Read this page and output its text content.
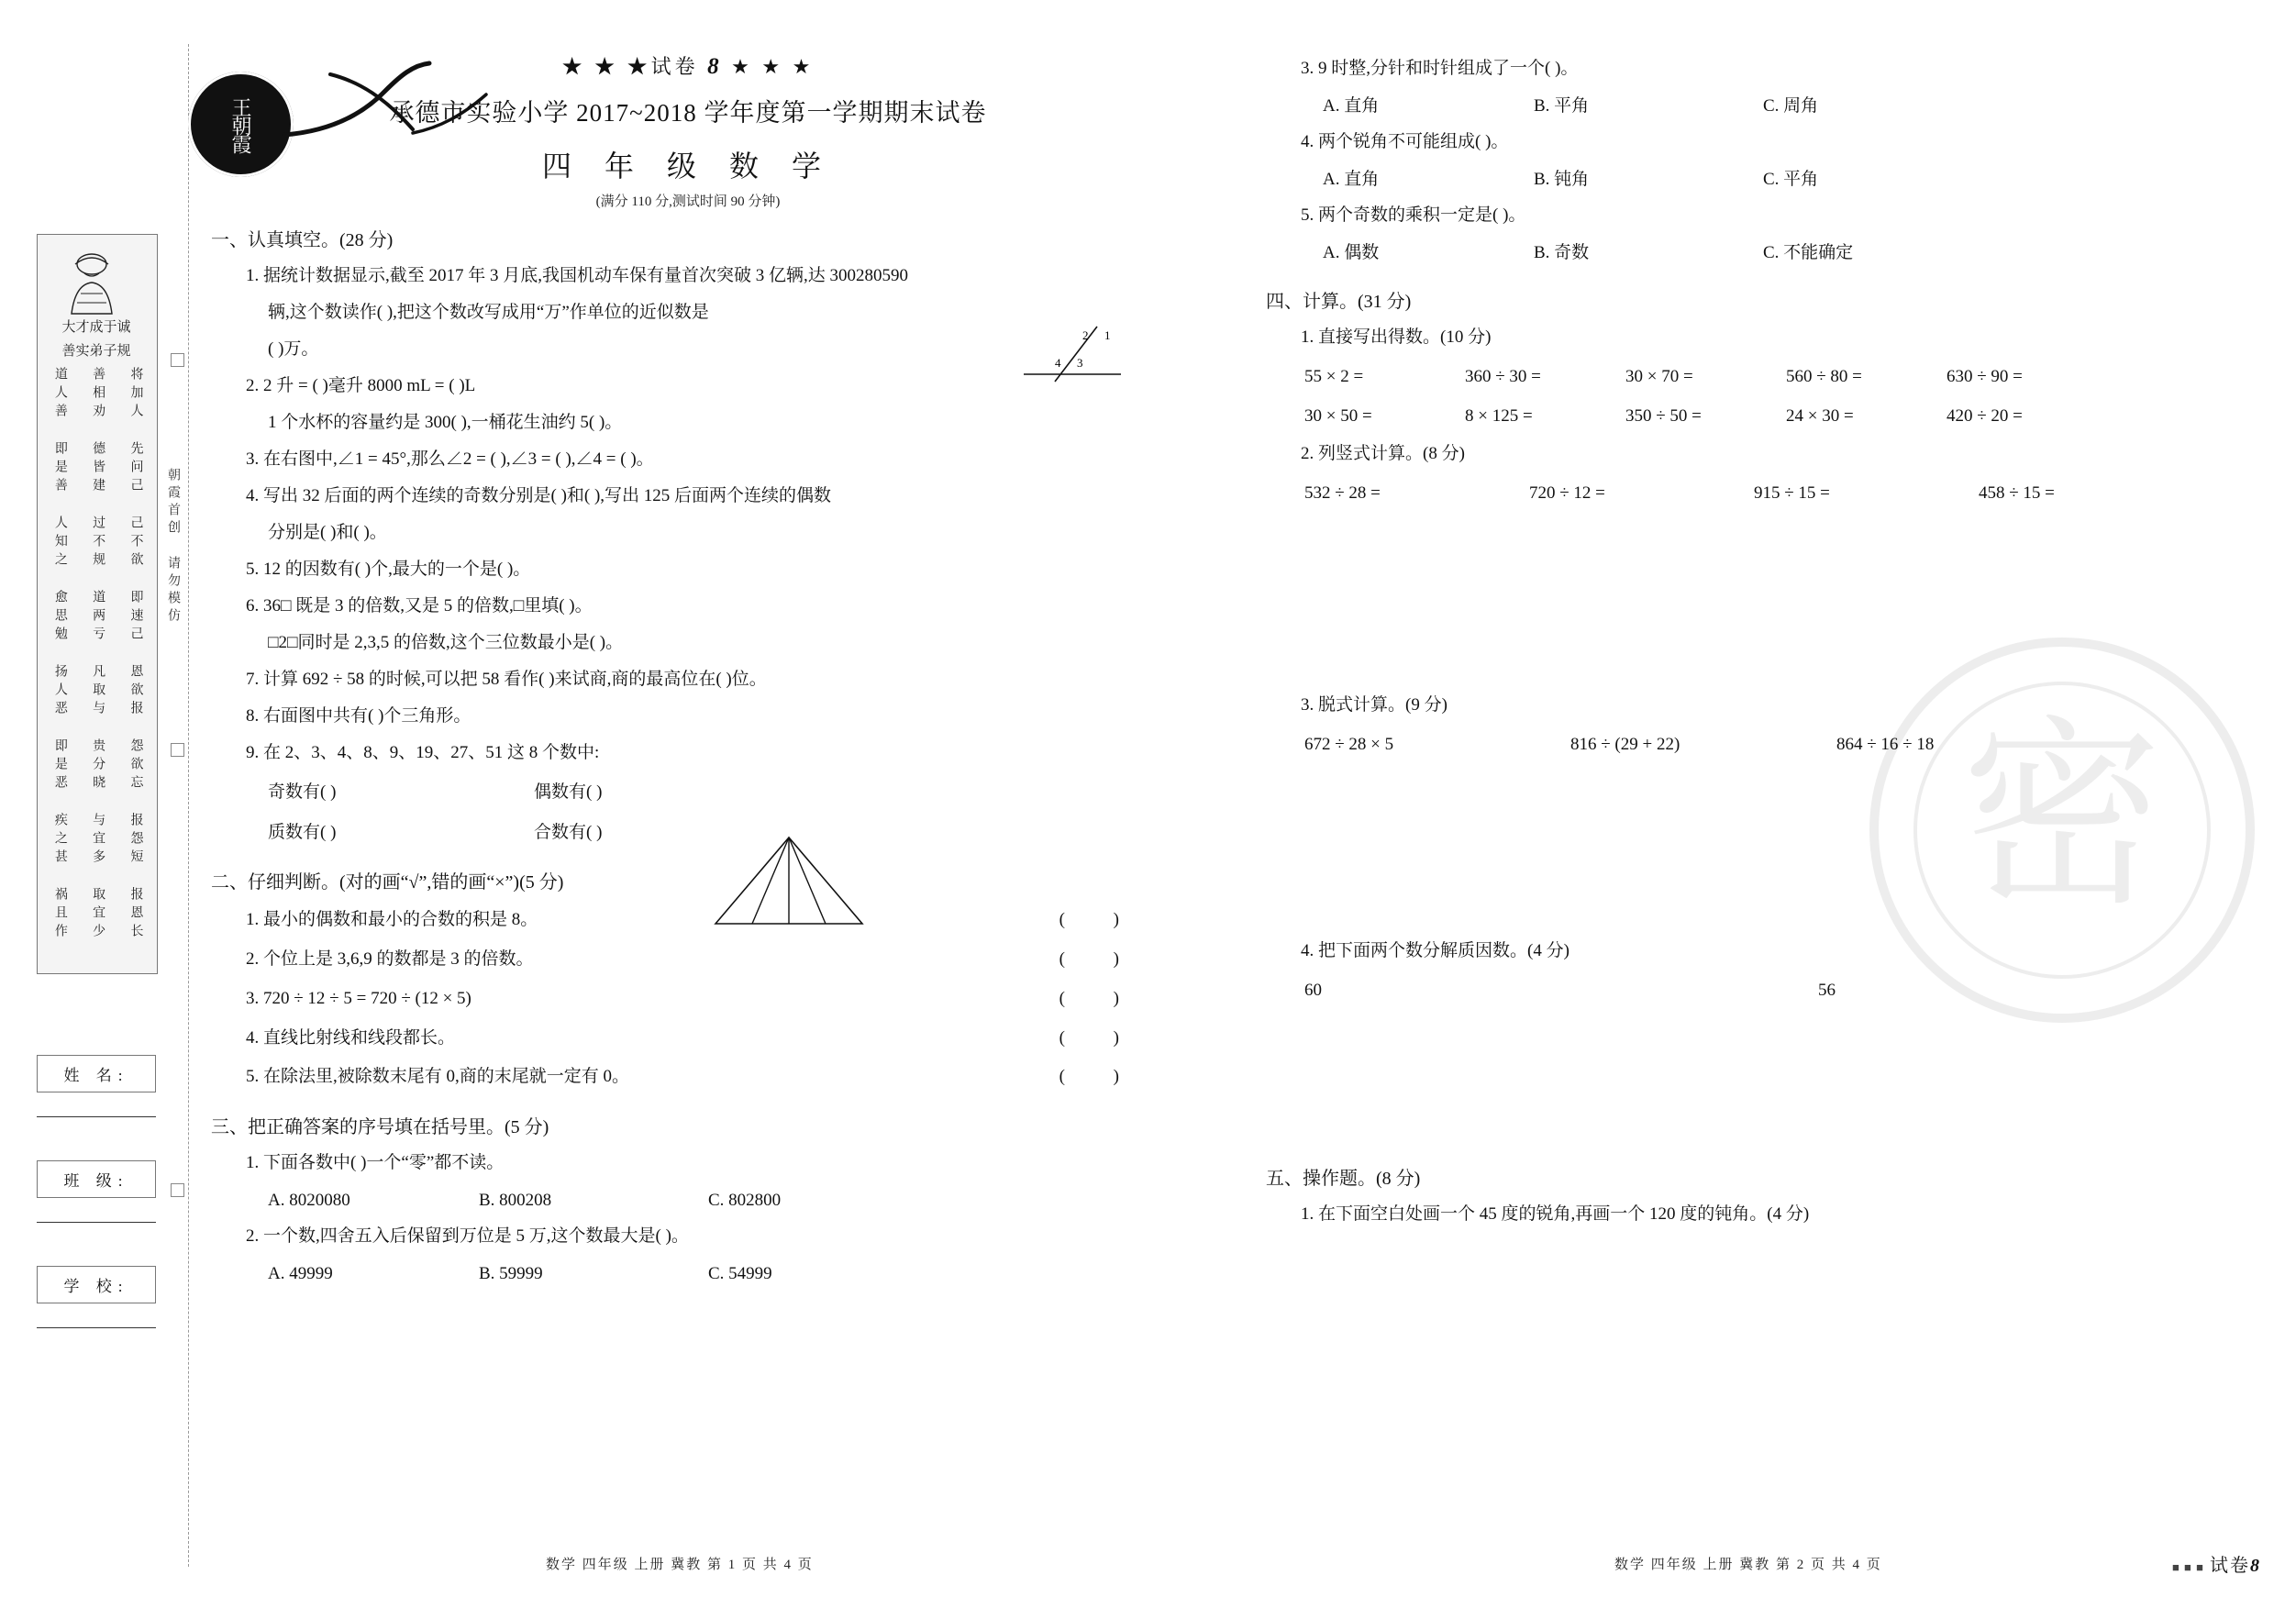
大才成于诚
善实弟子规
将加人 先问己 己不欲 即速己 恩欲报 怨欲忘 报怨短 报恩长
善相劝 德皆建 过不规 道两亏 凡取与 贵分晓 与宜多 取宜少
道人善 即是善 人知之 愈思勉 扬人恶 即是恶 疾之甚 祸且作	朝霞首创 请勿模仿
姓 名:
班 级:
学 校:
王朝霞
密
★ ★ ★试卷 8 ★ ★ ★
承德市实验小学 2017~2018 学年度第一学期期末试卷
四 年 级 数 学
(满分 110 分,测试时间 90 分钟)
一、认真填空。(28 分)
1. 据统计数据显示,截至 2017 年 3 月底,我国机动车保有量首次突破 3 亿辆,达 300280590
辆,这个数读作( ),把这个数改写成用“万”作单位的近似数是
( )万。
2. 2 升 = ( )毫升 8000 mL = ( )L
1 个水杯的容量约是 300( ),一桶花生油约 5( )。
3. 在右图中,∠1 = 45°,那么∠2 = ( ),∠3 = ( ),∠4 = ( )。
4. 写出 32 后面的两个连续的奇数分别是( )和( ),写出 125 后面两个连续的偶数
分别是( )和( )。
5. 12 的因数有( )个,最大的一个是( )。
6. 36□ 既是 3 的倍数,又是 5 的倍数,□里填( )。
□2□同时是 2,3,5 的倍数,这个三位数最小是( )。
7. 计算 692 ÷ 58 的时候,可以把 58 看作( )来试商,商的最高位在( )位。
8. 右面图中共有( )个三角形。
9. 在 2、3、4、8、9、19、27、51 这 8 个数中:
奇数有( )	偶数有( )
质数有( )	合数有( )
二、仔细判断。(对的画“√”,错的画“×”)(5 分)
1. 最小的偶数和最小的合数的积是 8。	( )
2. 个位上是 3,6,9 的数都是 3 的倍数。	( )
3. 720 ÷ 12 ÷ 5 = 720 ÷ (12 × 5)	( )
4. 直线比射线和线段都长。	( )
5. 在除法里,被除数末尾有 0,商的末尾就一定有 0。	( )
三、把正确答案的序号填在括号里。(5 分)
1. 下面各数中( )一个“零”都不读。
A. 8020080	B. 800208	C. 802800
2. 一个数,四舍五入后保留到万位是 5 万,这个数最大是( )。
A. 49999	B. 59999	C. 54999
2 1
4 3
3. 9 时整,分针和时针组成了一个( )。
A. 直角	B. 平角	C. 周角
4. 两个锐角不可能组成( )。
A. 直角	B. 钝角	C. 平角
5. 两个奇数的乘积一定是( )。
A. 偶数	B. 奇数	C. 不能确定
四、计算。(31 分)
1. 直接写出得数。(10 分)
55 × 2 =	360 ÷ 30 =	30 × 70 =	560 ÷ 80 =	630 ÷ 90 =
30 × 50 =	8 × 125 =	350 ÷ 50 =	24 × 30 =	420 ÷ 20 =
2. 列竖式计算。(8 分)
532 ÷ 28 =	720 ÷ 12 =	915 ÷ 15 =	458 ÷ 15 =
3. 脱式计算。(9 分)
672 ÷ 28 × 5	816 ÷ (29 + 22)	864 ÷ 16 ÷ 18
4. 把下面两个数分解质因数。(4 分)
60	56
五、操作题。(8 分)
1. 在下面空白处画一个 45 度的锐角,再画一个 120 度的钝角。(4 分)
数学 四年级 上册 冀教 第 1 页 共 4 页	数学 四年级 上册 冀教 第 2 页 共 4 页	■ ■ ■ 试卷8
